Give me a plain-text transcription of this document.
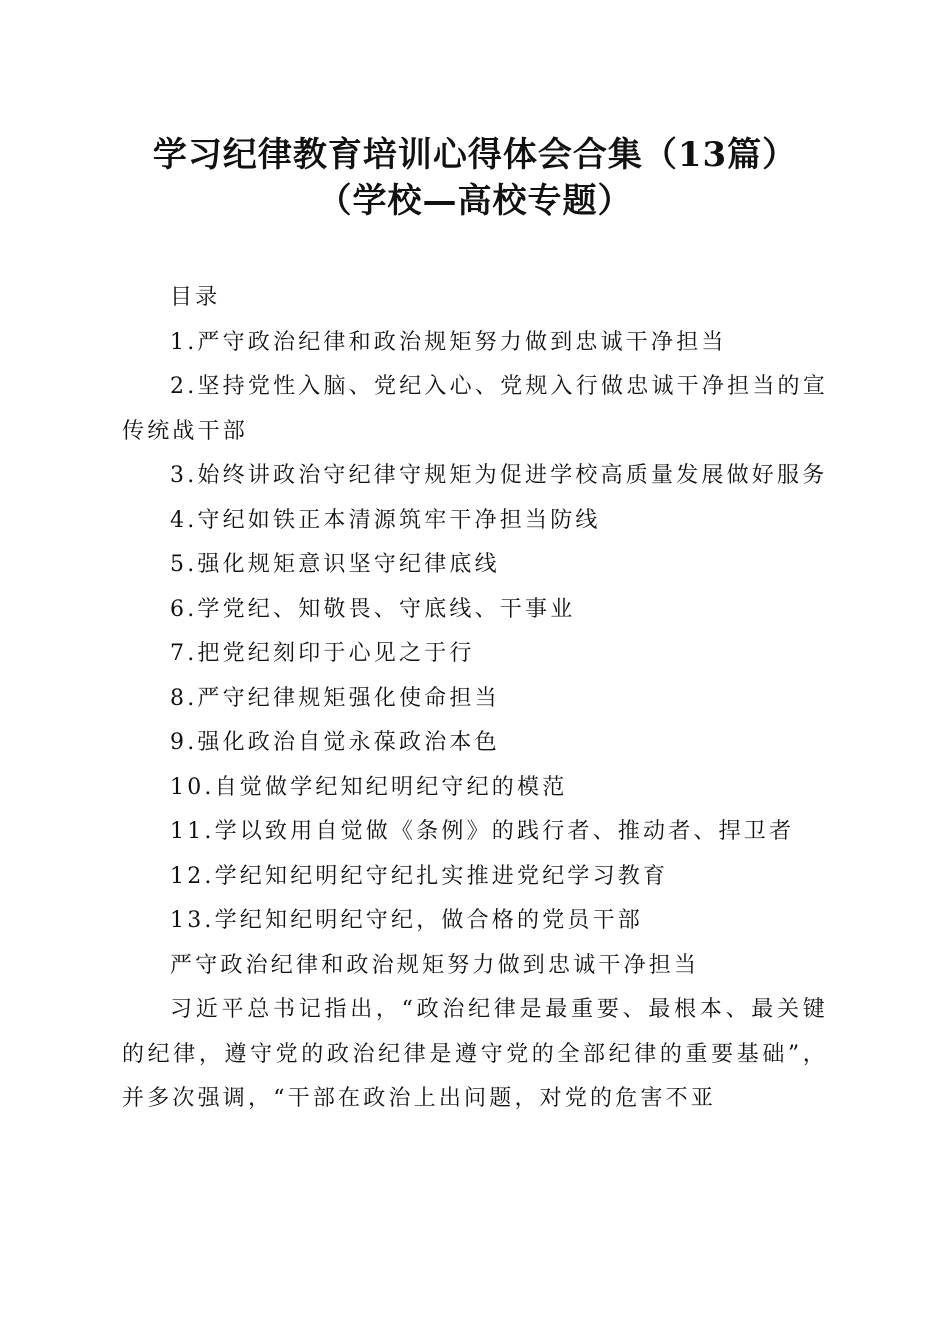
学习纪律教育培训心得体会合集（13篇）

（学校—高校专题）

目录

1.严守政治纪律和政治规矩努力做到忠诚干净担当

2.坚持党性入脑、党纪入心、党规入行做忠诚干净担当的宣传统战干部

3.始终讲政治守纪律守规矩为促进学校高质量发展做好服务

4.守纪如铁正本清源筑牢干净担当防线

5.强化规矩意识坚守纪律底线

6.学党纪、知敬畏、守底线、干事业

7.把党纪刻印于心见之于行

8.严守纪律规矩强化使命担当

9.强化政治自觉永葆政治本色

10.自觉做学纪知纪明纪守纪的模范

11.学以致用自觉做《条例》的践行者、推动者、捍卫者

12.学纪知纪明纪守纪扎实推进党纪学习教育

13.学纪知纪明纪守纪，做合格的党员干部

严守政治纪律和政治规矩努力做到忠诚干净担当

习近平总书记指出，“政治纪律是最重要、最根本、最关键的纪律，遵守党的政治纪律是遵守党的全部纪律的重要基础”，并多次强调，“干部在政治上出问题，对党的危害不亚
